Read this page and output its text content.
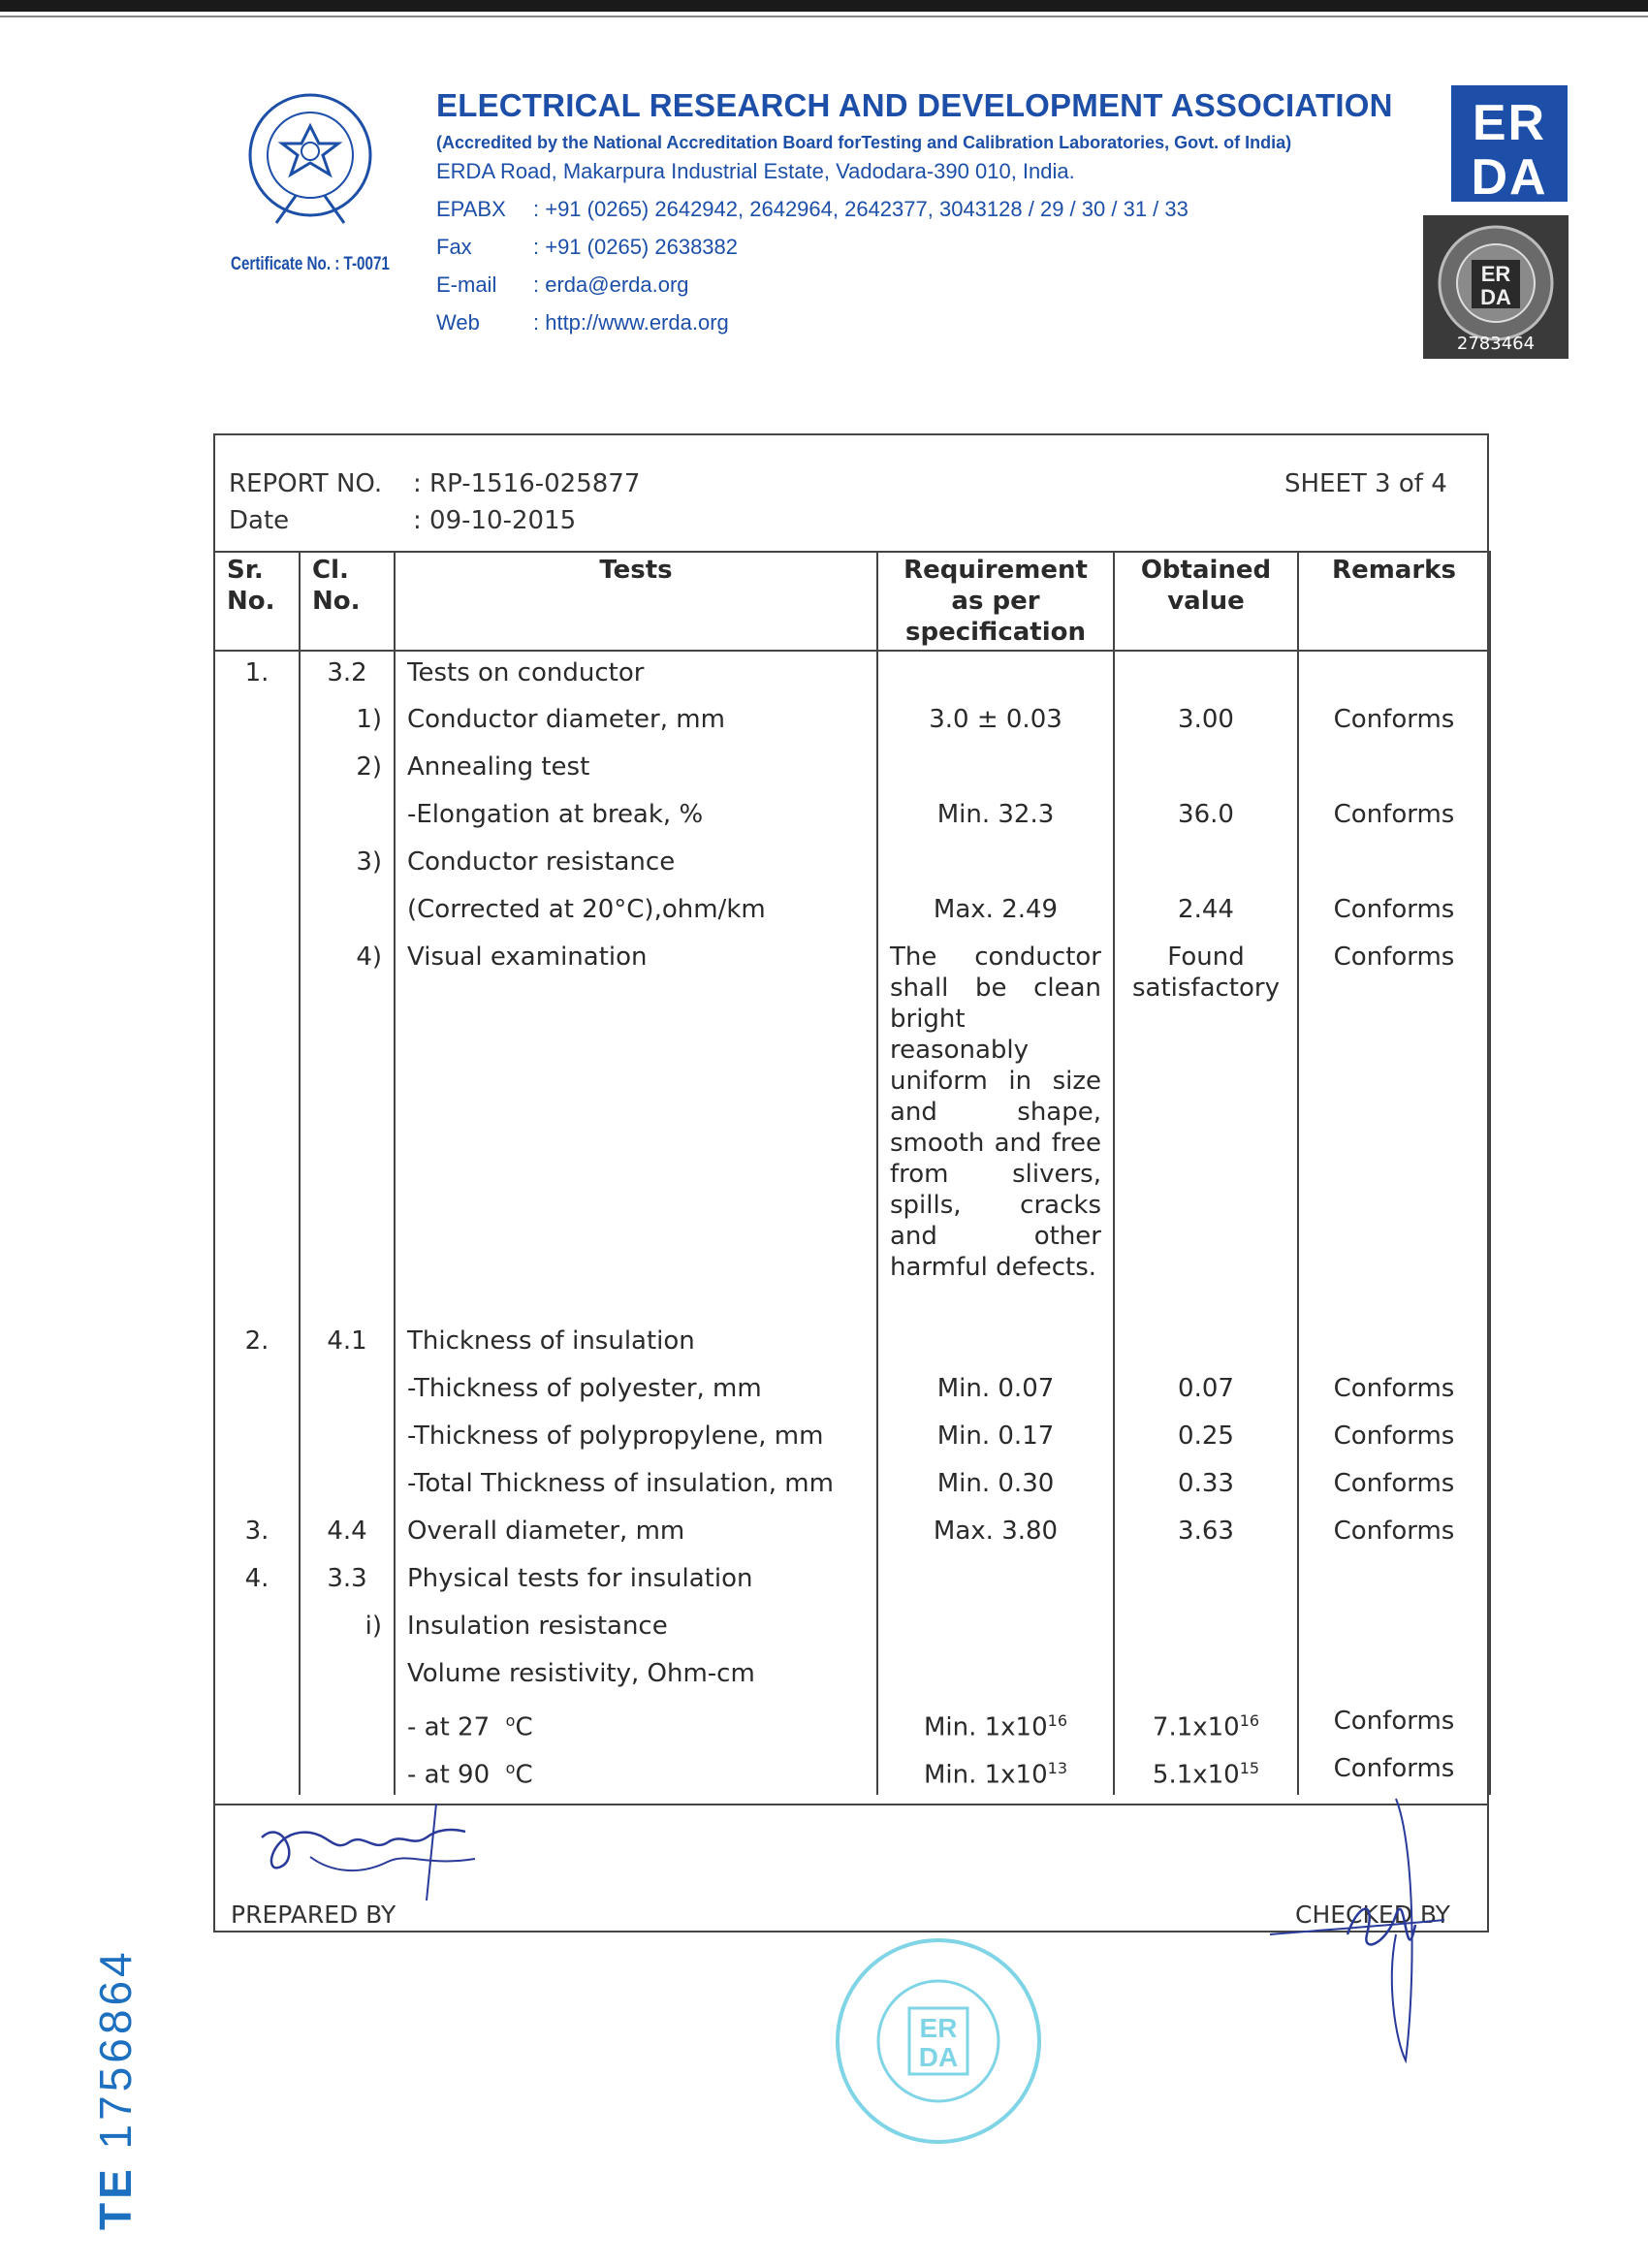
Certificate No. : T-0071
ELECTRICAL RESEARCH AND DEVELOPMENT ASSOCIATION
(Accredited by the National Accreditation Board forTesting and Calibration Laboratories, Govt. of India)
ERDA Road, Makarpura Industrial Estate, Vadodara-390 010, India.
EPABX : +91 (0265) 2642942, 2642964, 2642377, 3043128 / 29 / 30 / 31 / 33
Fax	: +91 (0265) 2638382
E-mail : erda@erda.org
Web	: http://www.erda.org
ER
DA
ER
DA
2783464
REPORT NO. : RP-1516-025877
Date	: 09-10-2015
SHEET 3 of 4
Sr. No.	Cl. No.	Tests	Requirement as per specification	Obtained value	Remarks
1.	3.2	Tests on conductor			
	1)	Conductor diameter, mm	3.0 ± 0.03	3.00	Conforms
	2)	Annealing test			
		-Elongation at break, %	Min. 32.3	36.0	Conforms
	3)	Conductor resistance			
		(Corrected at 20°C),ohm/km	Max. 2.49	2.44	Conforms
	4)	Visual examination	The conductor shall be clean bright reasonably uniform in size and shape, smooth and free from slivers, spills, cracks and other harmful defects.	Found satisfactory	Conforms
2.	4.1	Thickness of insulation			
		-Thickness of polyester, mm	Min. 0.07	0.07	Conforms
		-Thickness of polypropylene, mm	Min. 0.17	0.25	Conforms
		-Total Thickness of insulation, mm	Min. 0.30	0.33	Conforms
3.	4.4	Overall diameter, mm	Max. 3.80	3.63	Conforms
4.	3.3	Physical tests for insulation			
	i)	Insulation resistance			
		Volume resistivity, Ohm-cm			
		- at 27  $^o$C	Min. $1x10^{16}$	$7.1x10^{16}$	Conforms
		- at 90  $^o$C	Min. $1x10^{13}$	$5.1x10^{15}$	Conforms
PREPARED BY	CHECKED BY
ER
DA
TE 1756864
